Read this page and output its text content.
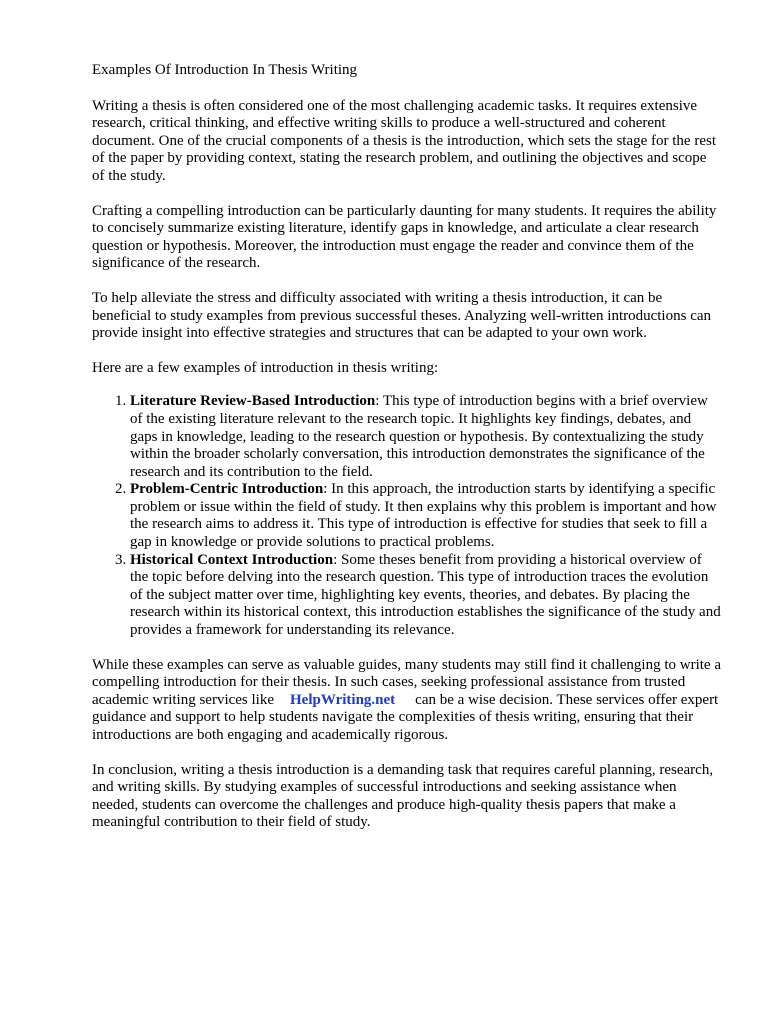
Examples Of Introduction In Thesis Writing

Writing a thesis is often considered one of the most challenging academic tasks. It requires extensive research, critical thinking, and effective writing skills to produce a well-structured and coherent document. One of the crucial components of a thesis is the introduction, which sets the stage for the rest of the paper by providing context, stating the research problem, and outlining the objectives and scope of the study.

Crafting a compelling introduction can be particularly daunting for many students. It requires the ability to concisely summarize existing literature, identify gaps in knowledge, and articulate a clear research question or hypothesis. Moreover, the introduction must engage the reader and convince them of the significance of the research.

To help alleviate the stress and difficulty associated with writing a thesis introduction, it can be beneficial to study examples from previous successful theses. Analyzing well-written introductions can provide insight into effective strategies and structures that can be adapted to your own work.

Here are a few examples of introduction in thesis writing:

1. Literature Review-Based Introduction: This type of introduction begins with a brief overview of the existing literature relevant to the research topic. It highlights key findings, debates, and gaps in knowledge, leading to the research question or hypothesis. By contextualizing the study within the broader scholarly conversation, this introduction demonstrates the significance of the research and its contribution to the field.
2. Problem-Centric Introduction: In this approach, the introduction starts by identifying a specific problem or issue within the field of study. It then explains why this problem is important and how the research aims to address it. This type of introduction is effective for studies that seek to fill a gap in knowledge or provide solutions to practical problems.
3. Historical Context Introduction: Some theses benefit from providing a historical overview of the topic before delving into the research question. This type of introduction traces the evolution of the subject matter over time, highlighting key events, theories, and debates. By placing the research within its historical context, this introduction establishes the significance of the study and provides a framework for understanding its relevance.

While these examples can serve as valuable guides, many students may still find it challenging to write a compelling introduction for their thesis. In such cases, seeking professional assistance from trusted academic writing services like HelpWriting.net can be a wise decision. These services offer expert guidance and support to help students navigate the complexities of thesis writing, ensuring that their introductions are both engaging and academically rigorous.

In conclusion, writing a thesis introduction is a demanding task that requires careful planning, research, and writing skills. By studying examples of successful introductions and seeking assistance when needed, students can overcome the challenges and produce high-quality thesis papers that make a meaningful contribution to their field of study.
